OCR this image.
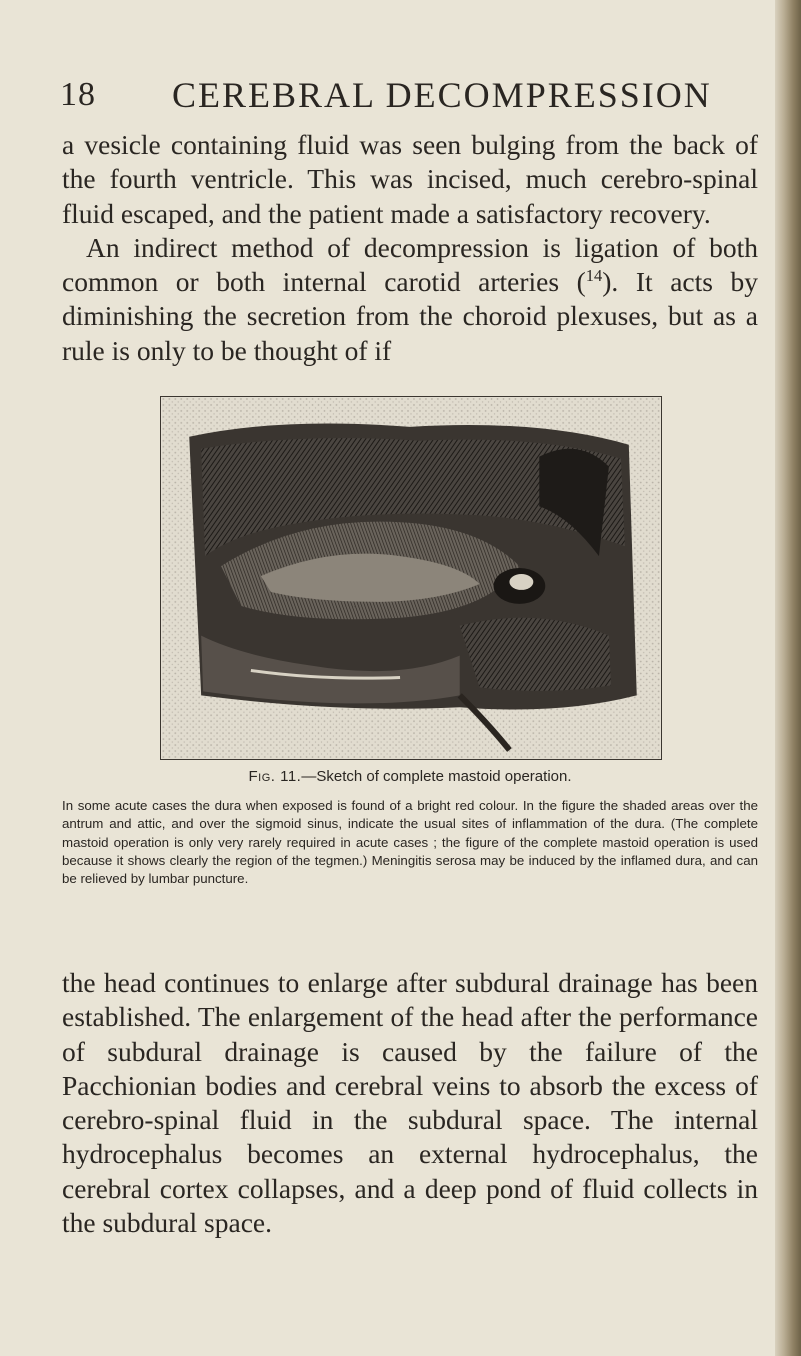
18 CEREBRAL DECOMPRESSION

a vesicle containing fluid was seen bulging from the back of the fourth ventricle. This was incised, much cerebro-spinal fluid escaped, and the patient made a satisfactory recovery.

An indirect method of decompression is ligation of both common or both internal carotid arteries ($^{14}$). It acts by diminishing the secretion from the choroid plexuses, but as a rule is only to be thought of if

Fig. 11.—Sketch of complete mastoid operation.

In some acute cases the dura when exposed is found of a bright red colour. In the figure the shaded areas over the antrum and attic, and over the sigmoid sinus, indicate the usual sites of inflammation of the dura. (The complete mastoid operation is only very rarely required in acute cases ; the figure of the complete mastoid operation is used because it shows clearly the region of the tegmen.) Meningitis serosa may be induced by the inflamed dura, and can be relieved by lumbar puncture.

the head continues to enlarge after subdural drainage has been established. The enlargement of the head after the performance of subdural drainage is caused by the failure of the Pacchionian bodies and cerebral veins to absorb the excess of cerebro-spinal fluid in the subdural space. The internal hydrocephalus becomes an external hydrocephalus, the cerebral cortex collapses, and a deep pond of fluid collects in the subdural space.
